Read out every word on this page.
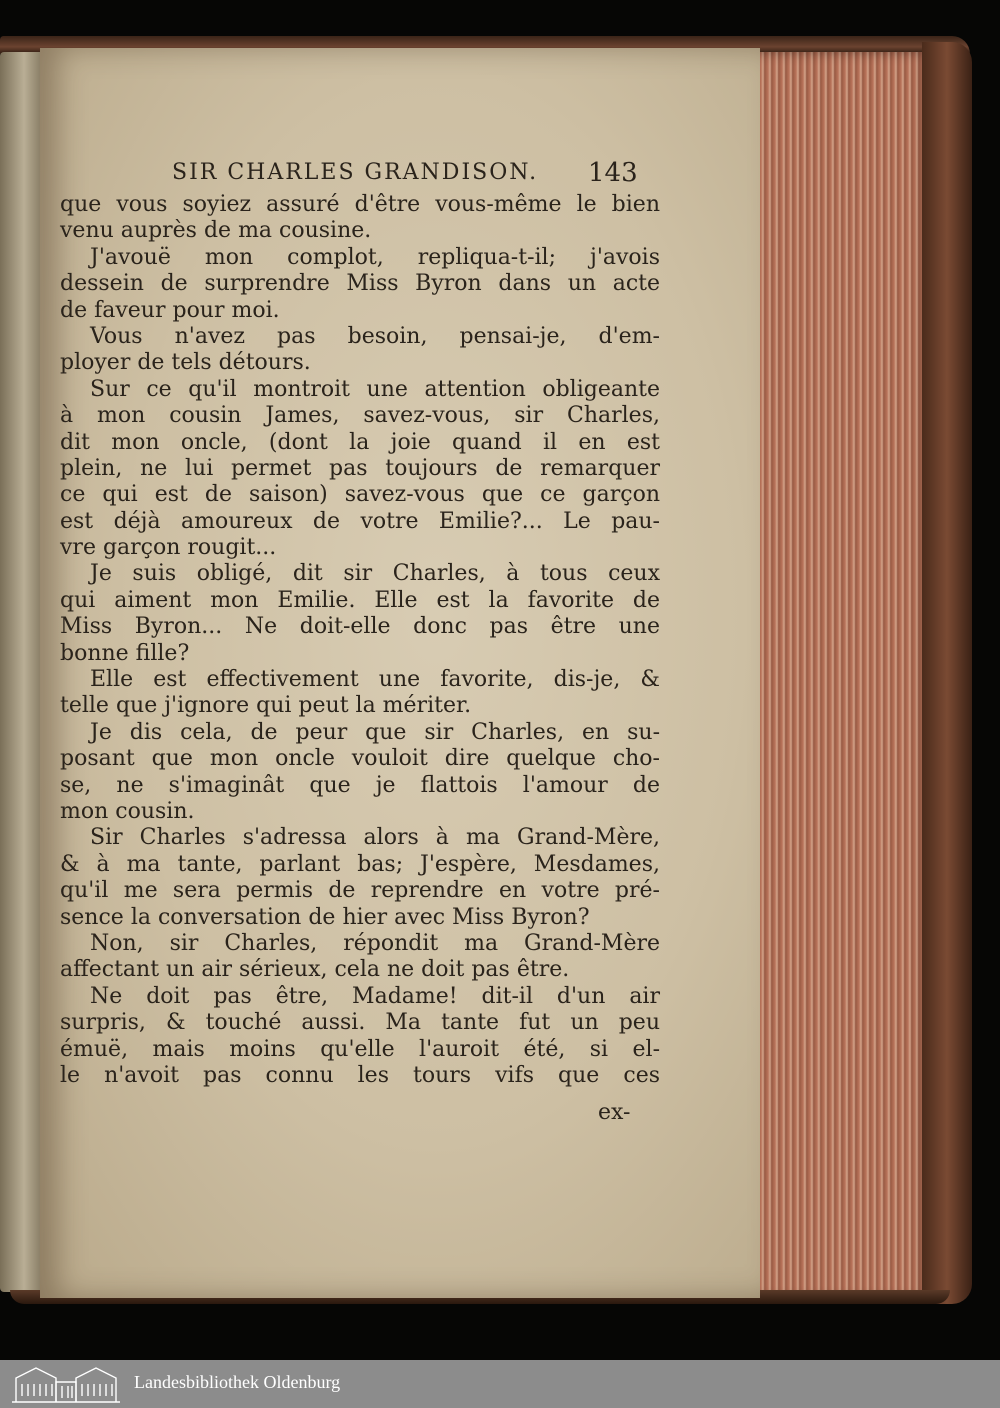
SIR CHARLES GRANDISON. 143
que vous soyiez assuré d'être vous-même le bien
venu auprès de ma cousine.
J'avouë mon complot, repliqua-t-il; j'avois
dessein de surprendre Miss Byron dans un acte
de faveur pour moi.
Vous n'avez pas besoin, pensai-je, d'em-
ployer de tels détours.
Sur ce qu'il montroit une attention obligeante
à mon cousin James, savez-vous, sir Charles,
dit mon oncle, (dont la joie quand il en est
plein, ne lui permet pas toujours de remarquer
ce qui est de saison) savez-vous que ce garçon
est déjà amoureux de votre Emilie?... Le pau-
vre garçon rougit...
Je suis obligé, dit sir Charles, à tous ceux
qui aiment mon Emilie. Elle est la favorite de
Miss Byron... Ne doit-elle donc pas être une
bonne fille?
Elle est effectivement une favorite, dis-je, &
telle que j'ignore qui peut la mériter.
Je dis cela, de peur que sir Charles, en su-
posant que mon oncle vouloit dire quelque cho-
se, ne s'imaginât que je flattois l'amour de
mon cousin.
Sir Charles s'adressa alors à ma Grand-Mère,
& à ma tante, parlant bas; J'espère, Mesdames,
qu'il me sera permis de reprendre en votre pré-
sence la conversation de hier avec Miss Byron?
Non, sir Charles, répondit ma Grand-Mère
affectant un air sérieux, cela ne doit pas être.
Ne doit pas être, Madame! dit-il d'un air
surpris, & touché aussi. Ma tante fut un peu
émuë, mais moins qu'elle l'auroit été, si el-
le n'avoit pas connu les tours vifs que ces
ex-
Landesbibliothek Oldenburg
